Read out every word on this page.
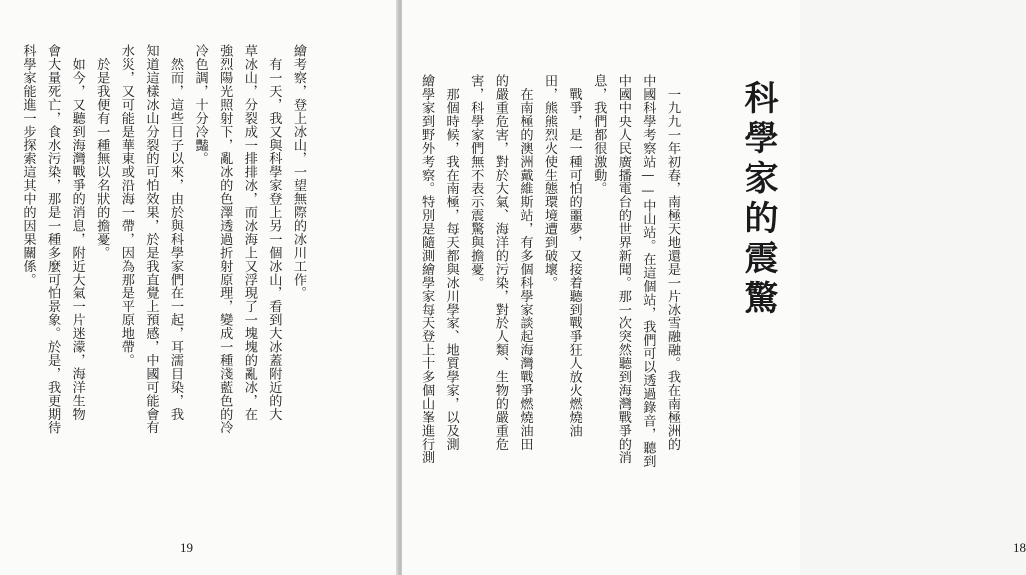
繪考察，登上冰山，一望無際的冰川工作。
　有一天，我又與科學家登上另一個冰山，看到大冰蓋附近的大
草冰山，分裂成一排排冰，而冰海上又浮現了一塊塊的亂冰，在
強烈陽光照射下，亂冰的色澤透過折射原理，變成一種淺藍色的冷
冷色調，十分冷豔。
　然而，這些日子以來，由於與科學家們在一起，耳濡目染，我
知道這樣冰山分裂的可怕效果，於是我直覺上預感，中國可能會有
水災，又可能是華東或沿海一帶，因為那是平原地帶。
　於是我便有一種無以名狀的擔憂。
　如今，又聽到海灣戰爭的消息，附近大氣一片迷濛，海洋生物
會大量死亡，食水污染，那是一種多麼可怕景象。於是，我更期待
科學家能進一步探索這其中的因果關係。
19
科學家的震驚
　一九九一年初春，南極天地還是一片冰雪融融。我在南極洲的
中國科學考察站——中山站。在這個站，我們可以透過錄音，聽到
中國中央人民廣播電台的世界新聞。那一次突然聽到海灣戰爭的消
息，我們都很激動。
　戰爭，是一種可怕的噩夢，又接着聽到戰爭狂人放火燃燒油
田，熊熊烈火使生態環境遭到破壞。
　在南極的澳洲戴維斯站，有多個科學家談起海灣戰爭燃燒油田
的嚴重危害，對於大氣、海洋的污染，對於人類、生物的嚴重危
害，科學家們無不表示震驚與擔憂。
　那個時候，我在南極，每天都與冰川學家、地質學家，以及測
繪學家到野外考察。特別是隨測繪學家每天登上十多個山峯進行測
18
